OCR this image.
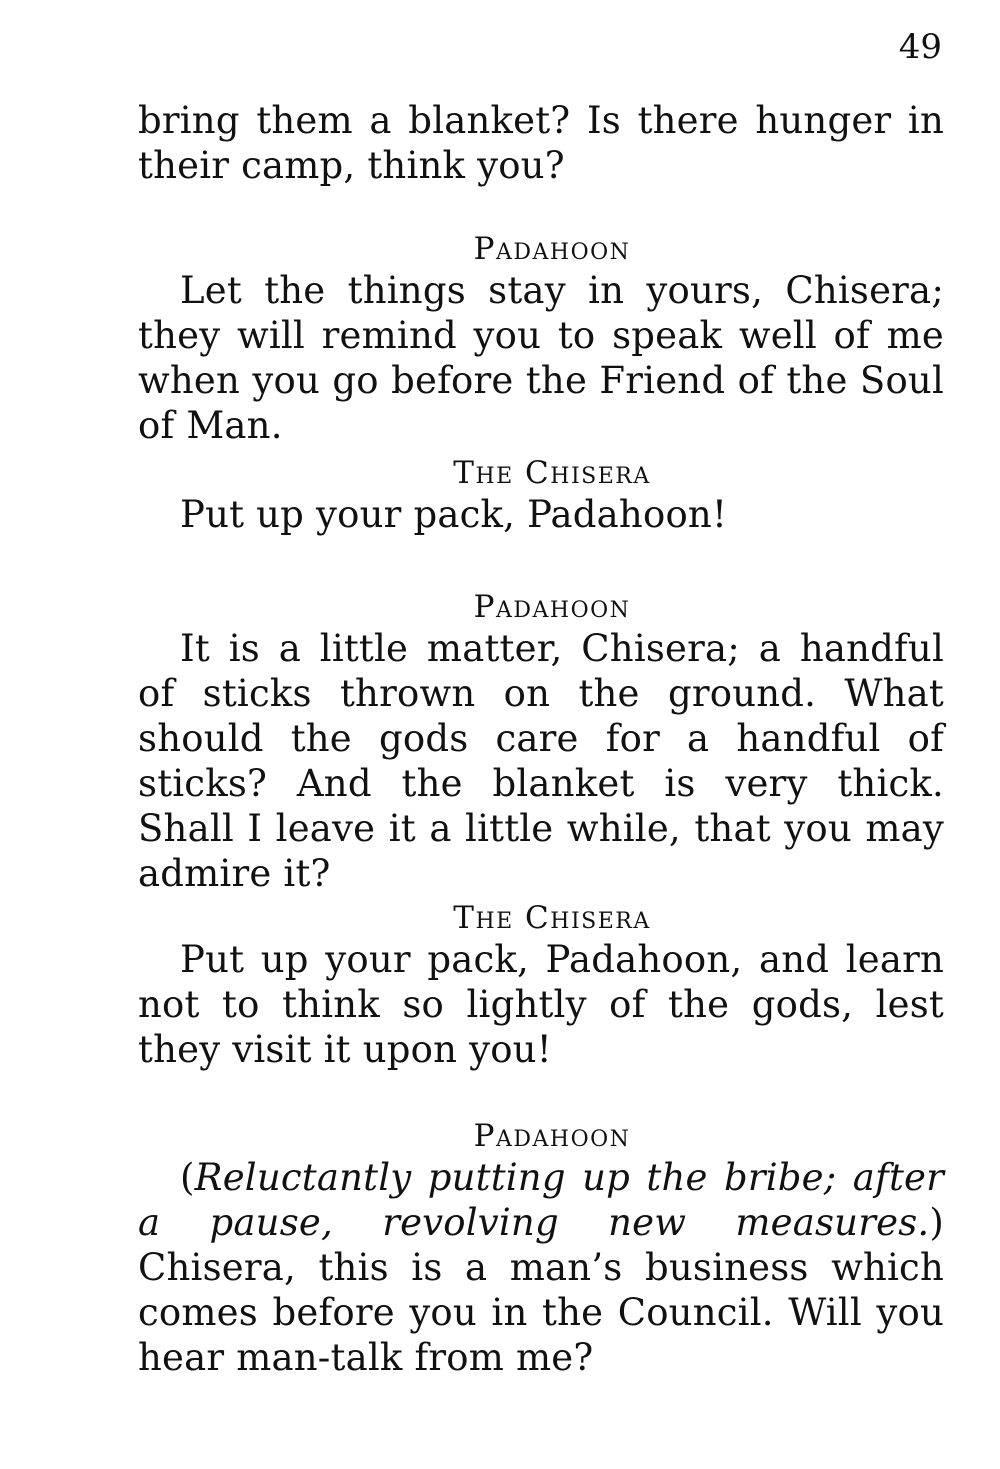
49

bring them a blanket? Is there hunger in their camp, think you?

Padahoon

Let the things stay in yours, Chisera; they will remind you to speak well of me when you go before the Friend of the Soul of Man.

The Chisera

Put up your pack, Padahoon!

Padahoon

It is a little matter, Chisera; a handful of sticks thrown on the ground. What should the gods care for a handful of sticks? And the blanket is very thick. Shall I leave it a little while, that you may admire it?

The Chisera

Put up your pack, Padahoon, and learn not to think so lightly of the gods, lest they visit it upon you!

Padahoon

(Reluctantly putting up the bribe; after a pause, revolving new measures.) Chisera, this is a man’s business which comes before you in the Council. Will you hear man-talk from me?
